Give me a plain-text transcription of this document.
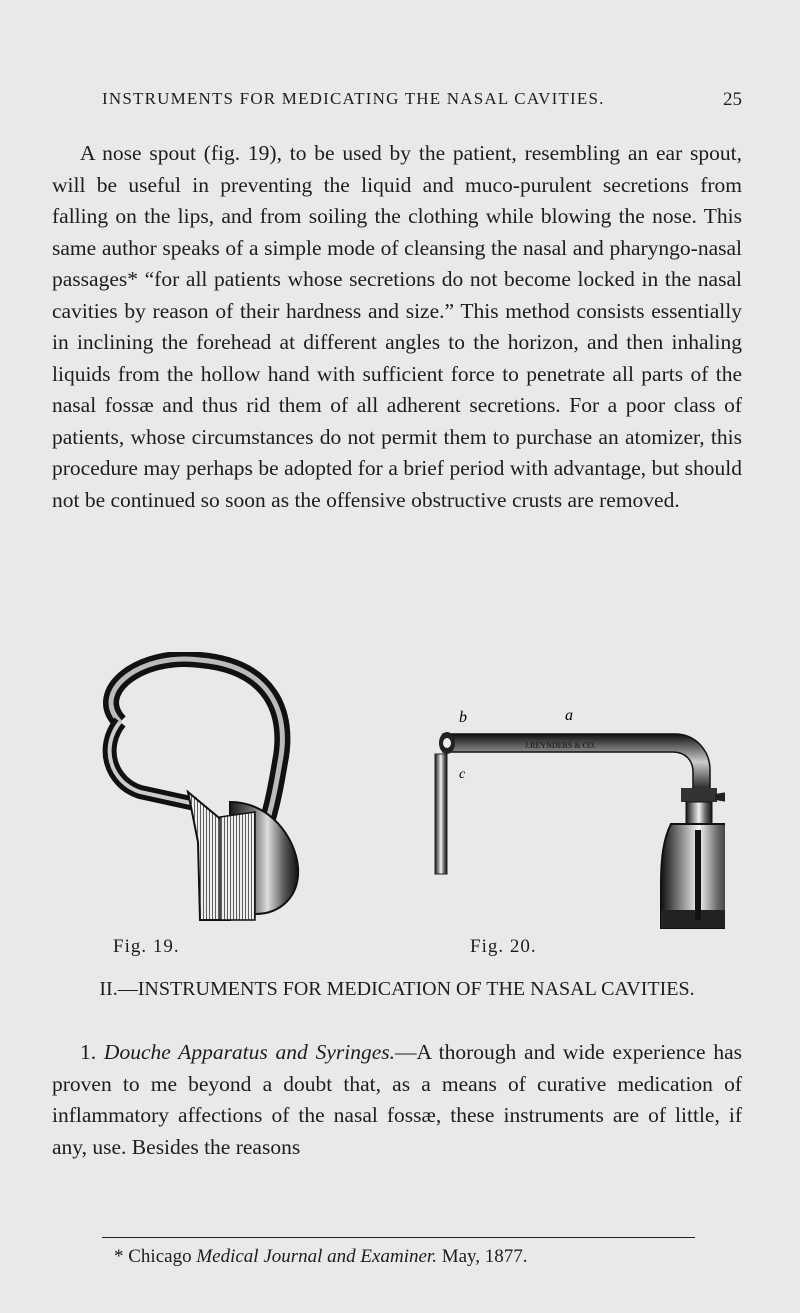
INSTRUMENTS FOR MEDICATING THE NASAL CAVITIES.	25

A nose spout (fig. 19), to be used by the patient, resembling an ear spout, will be useful in preventing the liquid and muco-purulent secretions from falling on the lips, and from soiling the clothing while blowing the nose. This same author speaks of a simple mode of cleansing the nasal and pharyngo-nasal passages* “for all patients whose secretions do not become locked in the nasal cavities by reason of their hardness and size.” This method consists essentially in inclining the forehead at different angles to the horizon, and then inhaling liquids from the hollow hand with sufficient force to penetrate all parts of the nasal fossæ and thus rid them of all adherent secretions. For a poor class of patients, whose circumstances do not permit them to purchase an atomizer, this procedure may perhaps be adopted for a brief period with advantage, but should not be continued so soon as the offensive obstructive crusts are removed.

b	a
J.REYNDERS & CO.
c
Fig. 19.	Fig. 20.
II.—INSTRUMENTS FOR MEDICATION OF THE NASAL CAVITIES.

1. Douche Apparatus and Syringes.—A thorough and wide experience has proven to me beyond a doubt that, as a means of curative medication of inflammatory affections of the nasal fossæ, these instruments are of little, if any, use. Besides the reasons

* Chicago Medical Journal and Examiner. May, 1877.
